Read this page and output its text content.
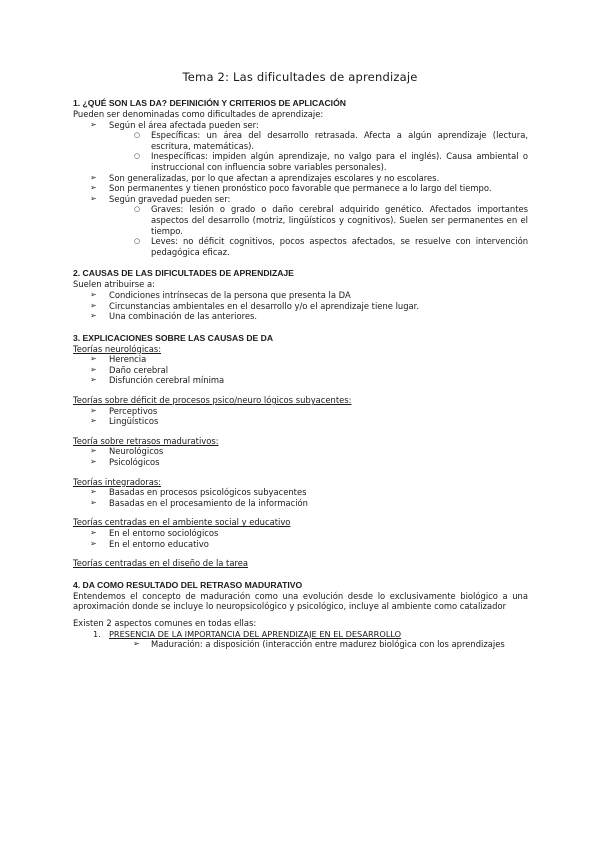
Tema 2: Las dificultades de aprendizaje
1. ¿QUÉ SON LAS DA? DEFINICIÓN Y CRITERIOS DE APLICACIÓN
Pueden ser denominadas como dificultades de aprendizaje:
➢ Según el área afectada pueden ser:
○ Específicas: un área del desarrollo retrasada. Afecta a algún aprendizaje (lectura, escritura, matemáticas).
○ Inespecíficas: impiden algún aprendizaje, no valgo para el inglés). Causa ambiental o instruccional con influencia sobre variables personales).
➢ Son generalizadas, por lo que afectan a aprendizajes escolares y no escolares.
➢ Son permanentes y tienen pronóstico poco favorable que permanece a lo largo del tiempo.
➢ Según gravedad pueden ser:
○ Graves: lesión o grado o daño cerebral adquirido genético. Afectados importantes aspectos del desarrollo (motriz, lingüísticos y cognitivos). Suelen ser permanentes en el tiempo.
○ Leves: no déficit cognitivos, pocos aspectos afectados, se resuelve con intervención pedagógica eficaz.
2. CAUSAS DE LAS DIFICULTADES DE APRENDIZAJE
Suelen atribuirse a:
➢ Condiciones intrínsecas de la persona que presenta la DA
➢ Circunstancias ambientales en el desarrollo y/o el aprendizaje tiene lugar.
➢ Una combinación de las anteriores.
3. EXPLICACIONES SOBRE LAS CAUSAS DE DA
Teorías neurológicas:
➢ Herencia
➢ Daño cerebral
➢ Disfunción cerebral mínima
Teorías sobre déficit de procesos psico/neuro lógicos subyacentes:
➢ Perceptivos
➢ Lingüísticos
Teoría sobre retrasos madurativos:
➢ Neurológicos
➢ Psicológicos
Teorías integradoras:
➢ Basadas en procesos psicológicos subyacentes
➢ Basadas en el procesamiento de la información
Teorías centradas en el ambiente social y educativo
➢ En el entorno sociológicos
➢ En el entorno educativo
Teorías centradas en el diseño de la tarea
4. DA COMO RESULTADO DEL RETRASO MADURATIVO
Entendemos el concepto de maduración como una evolución desde lo exclusivamente biológico a una aproximación donde se incluye lo neuropsicológico y psicológico, incluye al ambiente como catalizador
Existen 2 aspectos comunes en todas ellas:
1. PRESENCIA DE LA IMPORTANCIA DEL APRENDIZAJE EN EL DESARROLLO
➢ Maduración: a disposición (interacción entre madurez biológica con los aprendizajes
